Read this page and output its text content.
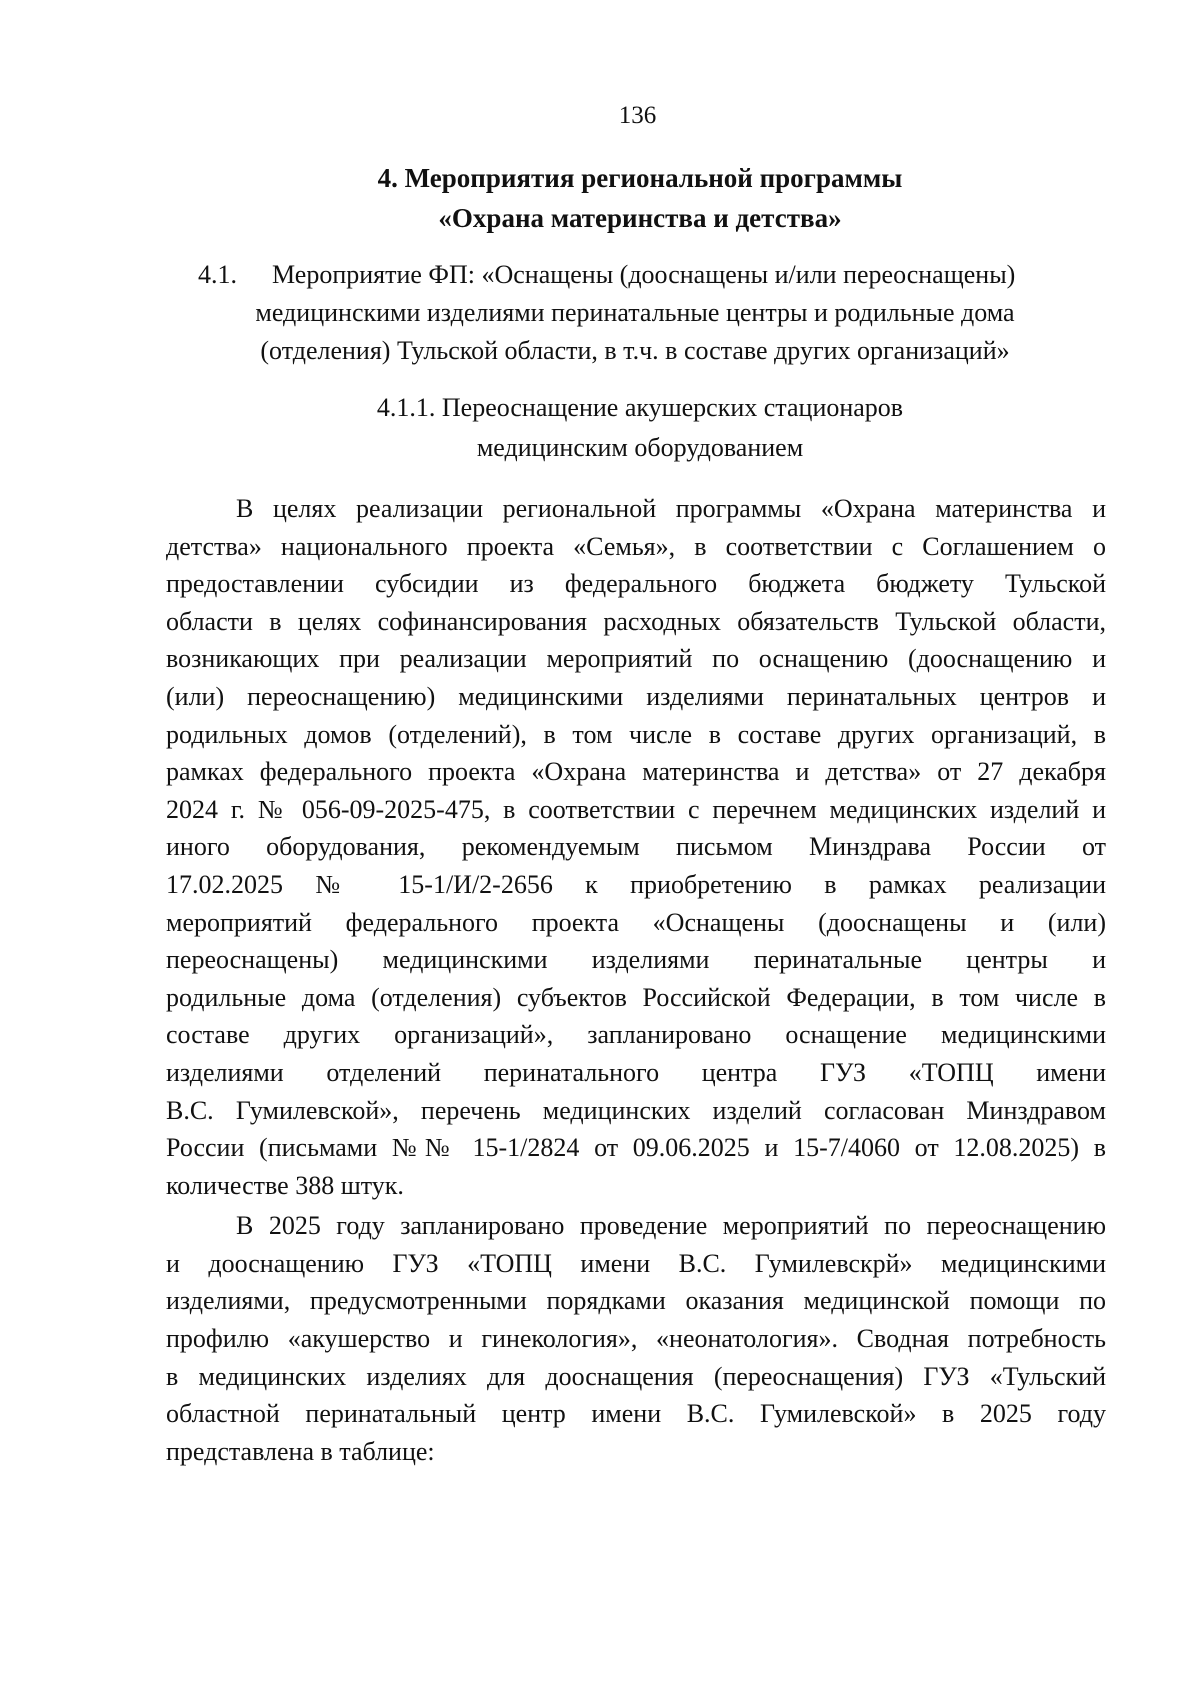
136
4. Мероприятия региональной программы
«Охрана материнства и детства»
4.1. Мероприятие ФП: «Оснащены (дооснащены и/или переоснащены)
медицинскими изделиями перинатальные центры и родильные дома
(отделения) Тульской области, в т.ч. в составе других организаций»
4.1.1. Переоснащение акушерских стационаров
медицинским оборудованием
В целях реализации региональной программы «Охрана материнства и
детства» национального проекта «Семья», в соответствии с Соглашением о
предоставлении субсидии из федерального бюджета бюджету Тульской
области в целях софинансирования расходных обязательств Тульской области,
возникающих при реализации мероприятий по оснащению (дооснащению и
(или) переоснащению) медицинскими изделиями перинатальных центров и
родильных домов (отделений), в том числе в составе других организаций, в
рамках федерального проекта «Охрана материнства и детства» от 27 декабря
2024 г. № 056-09-2025-475, в соответствии с перечнем медицинских изделий и
иного оборудования, рекомендуемым письмом Минздрава России от
17.02.2025 № 15-1/И/2-2656 к приобретению в рамках реализации
мероприятий федерального проекта «Оснащены (дооснащены и (или)
переоснащены) медицинскими изделиями перинатальные центры и
родильные дома (отделения) субъектов Российской Федерации, в том числе в
составе других организаций», запланировано оснащение медицинскими
изделиями отделений перинатального центра ГУЗ «ТОПЦ имени
В.С. Гумилевской», перечень медицинских изделий согласован Минздравом
России (письмами №№ 15-1/2824 от 09.06.2025 и 15-7/4060 от 12.08.2025) в
количестве 388 штук.
В 2025 году запланировано проведение мероприятий по переоснащению
и дооснащению ГУЗ «ТОПЦ имени В.С. Гумилевскрй» медицинскими
изделиями, предусмотренными порядками оказания медицинской помощи по
профилю «акушерство и гинекология», «неонатология». Сводная потребность
в медицинских изделиях для дооснащения (переоснащения) ГУЗ «Тульский
областной перинатальный центр имени В.С. Гумилевской» в 2025 году
представлена в таблице:
